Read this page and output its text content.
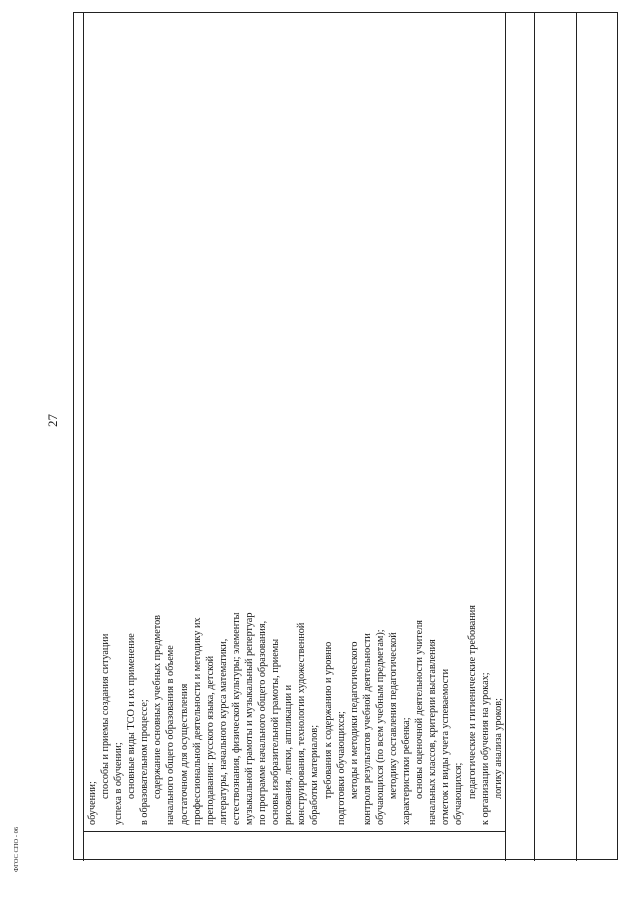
27
ФГОС СПО - 06
обучении;
способы и приемы создания ситуации успеха в обучении; основные виды ТСО и их применение в образовательном процессе; содержание основных учебных предметов начального общего образования в объеме достаточном для осуществления профессиональной деятельности и методику их преподавания: русского языка, детской литературы, начального курса математики, естествознания, физической культуры; элементы музыкальной грамоты и музыкальный репертуар по программе начального общего образования, основы изобразительной грамоты, приемы рисования, лепки, аппликации и конструирования, технологии художественной обработки материалов; требования к содержанию и уровню подготовки обучающихся; методы и методики педагогического контроля результатов учебной деятельности обучающихся (по всем учебным предметам); методику составления педагогической характеристики ребенка; основы оценочной деятельности учителя начальных классов, критерии выставления отметок и виды учета успеваемости обучающихся; педагогические и гигиенические требования к организации обучения на уроках; логику анализа уроков;
